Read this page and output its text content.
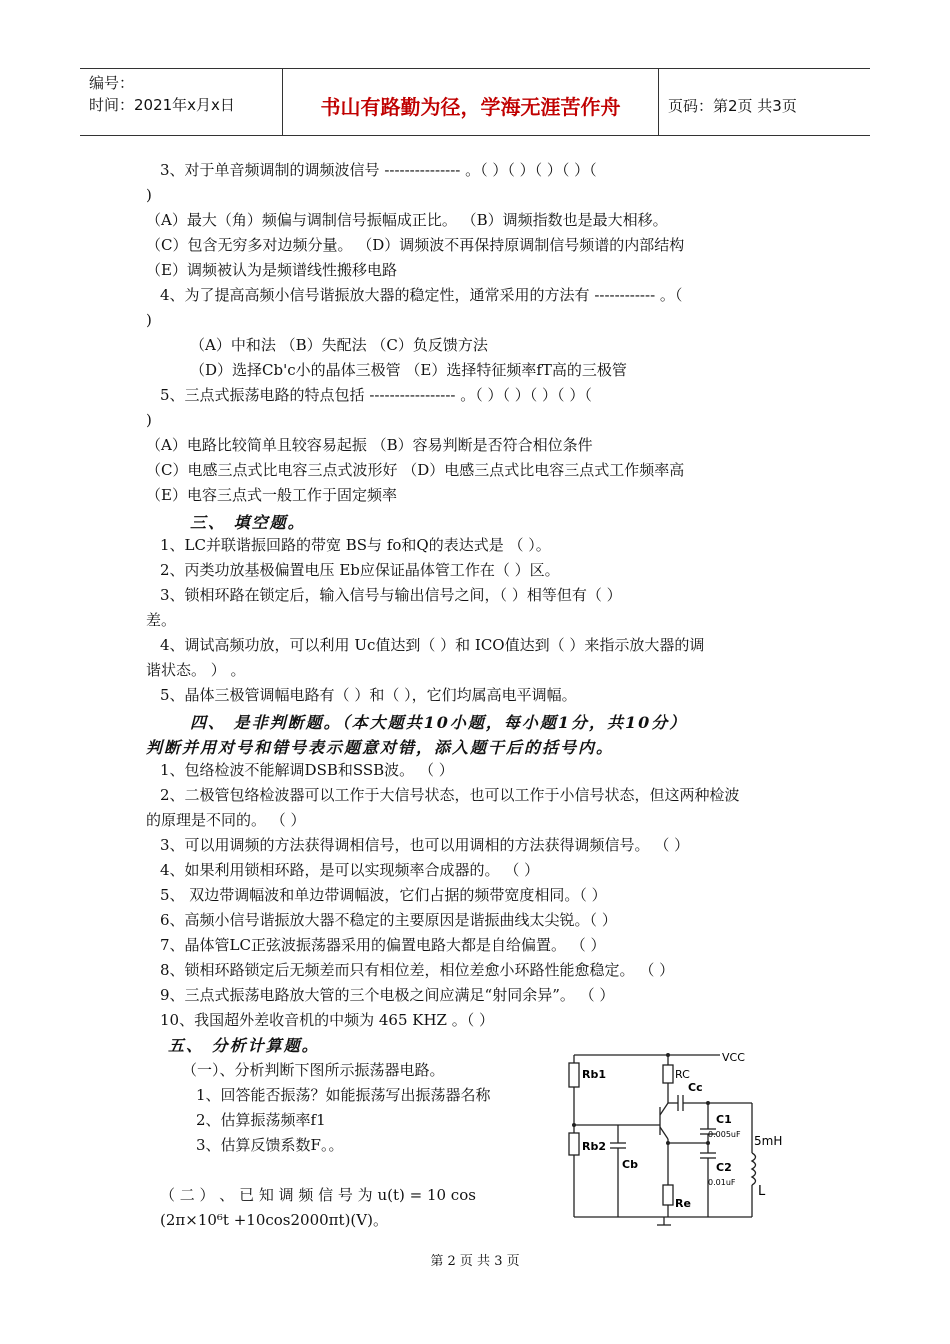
编号：
时间：2021年x月x日	书山有路勤为径，学海无涯苦作舟	页码：第2页 共3页
3、对于单音频调制的调频波信号 --------------- 。（ ）（ ）（ ）（ ）（
)
（A）最大（角）频偏与调制信号振幅成正比。 （B）调频指数也是最大相移。
（C）包含无穷多对边频分量。 （D）调频波不再保持原调制信号频谱的内部结构
（E）调频被认为是频谱线性搬移电路
4、为了提高高频小信号谐振放大器的稳定性，通常采用的方法有 ------------ 。（
)
（A）中和法 （B）失配法 （C）负反馈方法
（D）选择Cb'c小的晶体三极管 （E）选择特征频率fT高的三极管
5、三点式振荡电路的特点包括 ----------------- 。（ ）（ ）（ ）（ ）（
)
（A）电路比较简单且较容易起振 （B）容易判断是否符合相位条件
（C）电感三点式比电容三点式波形好 （D）电感三点式比电容三点式工作频率高
（E）电容三点式一般工作于固定频率
三、 填空题。
1、LC并联谐振回路的带宽 BS与 fo和Q的表达式是 （ ）。
2、丙类功放基极偏置电压 Eb应保证晶体管工作在（ ）区。
3、锁相环路在锁定后，输入信号与输出信号之间，（ ）相等但有（ ）
差。
4、调试高频功放，可以利用 Uc值达到（ ）和 ICO值达到（ ）来指示放大器的调
谐状态。 ） 。
5、晶体三极管调幅电路有（ ）和（ ），它们均属高电平调幅。
四、 是非判断题。（本大题共10小题，每小题1分，共10分）
判断并用对号和错号表示题意对错，添入题干后的括号内。
1、包络检波不能解调DSB和SSB波。 （ ）
2、二极管包络检波器可以工作于大信号状态，也可以工作于小信号状态，但这两种检波
的原理是不同的。 （ ）
3、可以用调频的方法获得调相信号，也可以用调相的方法获得调频信号。 （ ）
4、如果利用锁相环路，是可以实现频率合成器的。 （ ）
5、 双边带调幅波和单边带调幅波，它们占据的频带宽度相同。（ ）
6、高频小信号谐振放大器不稳定的主要原因是谐振曲线太尖锐。（ ）
7、晶体管LC正弦波振荡器采用的偏置电路大都是自给偏置。 （ ）
8、锁相环路锁定后无频差而只有相位差，相位差愈小环路性能愈稳定。 （ ）
9、三点式振荡电路放大管的三个电极之间应满足“射同余异”。 （ ）
10、我国超外差收音机的中频为 465 KHZ 。（ ）
五、 分析计算题。
（一）、分析判断下图所示振荡器电路。
1、回答能否振荡？如能振荡写出振荡器名称
2、估算振荡频率f1
3、估算反馈系数F。。
（ 二 ） 、 已 知 调 频 信 号 为 u(t) = 10 cos
(2π×10⁶t +10cos2000πt)(V)。
VCC
Rb1
Rb2
RC
Cc
C1
0.005uF
C2
0.01uF
Cb
Re
5mH
L
第 2 页 共 3 页
